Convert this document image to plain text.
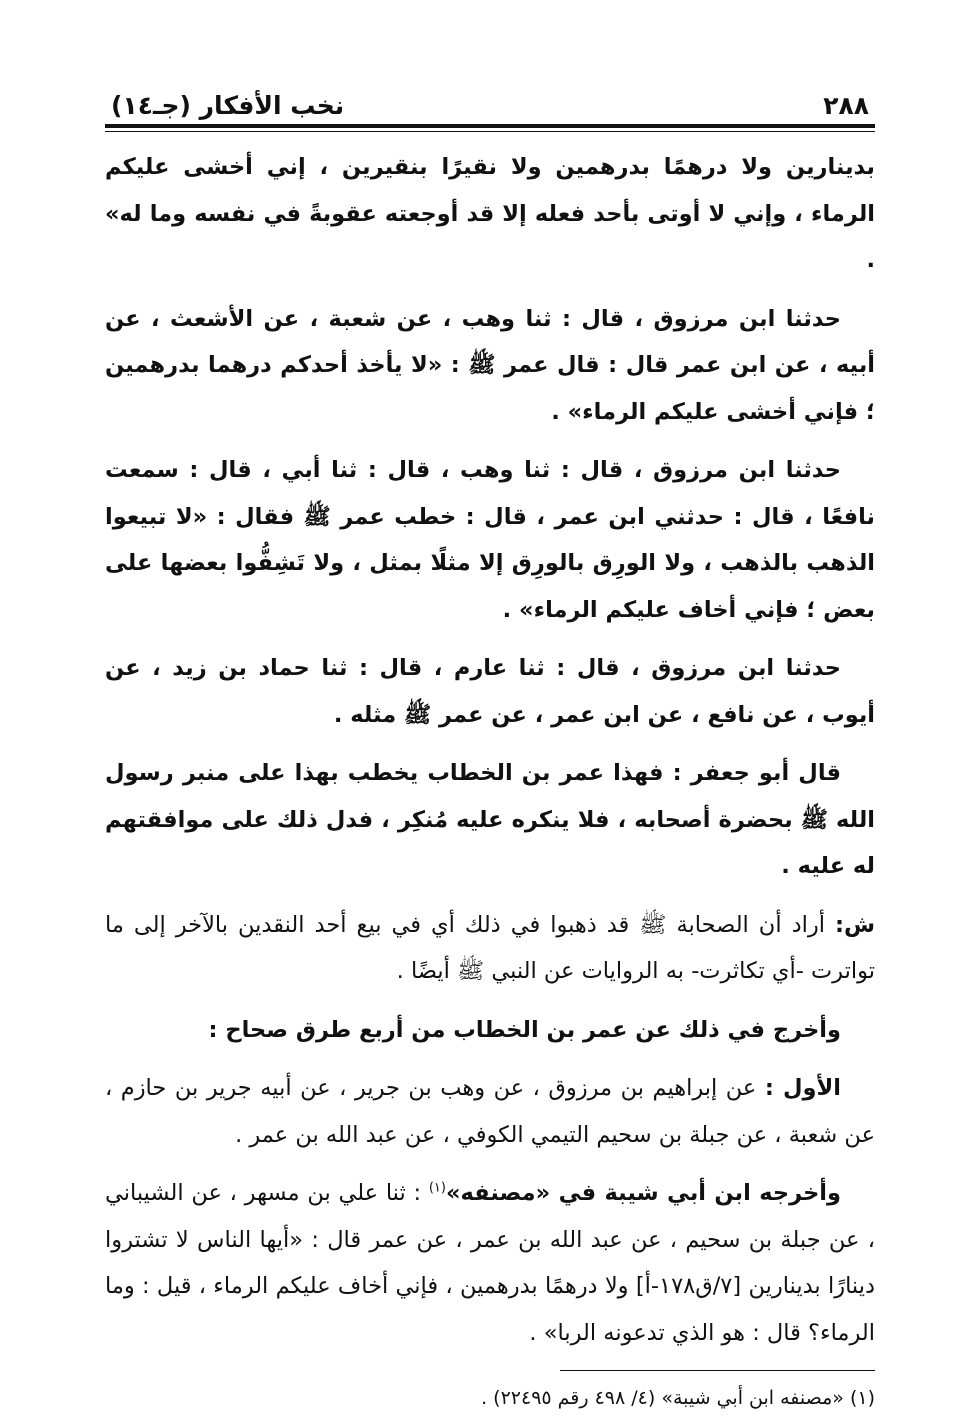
٢٨٨
نخب الأفكار (جـ١٤)

بدينارين ولا درهمًا بدرهمين ولا نقيرًا بنقيرين ، إني أخشى عليكم الرماء ، وإني لا أوتى بأحد فعله إلا قد أوجعته عقوبةً في نفسه وما له» .

حدثنا ابن مرزوق ، قال : ثنا وهب ، عن شعبة ، عن الأشعث ، عن أبيه ، عن ابن عمر قال : قال عمر ﷺ : «لا يأخذ أحدكم درهما بدرهمين ؛ فإني أخشى عليكم الرماء» .

حدثنا ابن مرزوق ، قال : ثنا وهب ، قال : ثنا أبي ، قال : سمعت نافعًا ، قال : حدثني ابن عمر ، قال : خطب عمر ﷺ فقال : «لا تبيعوا الذهب بالذهب ، ولا الورِق بالورِق إلا مثلًا بمثل ، ولا تَشِفُّوا بعضها على بعض ؛ فإني أخاف عليكم الرماء» .

حدثنا ابن مرزوق ، قال : ثنا عارم ، قال : ثنا حماد بن زيد ، عن أيوب ، عن نافع ، عن ابن عمر ، عن عمر ﷺ مثله .

قال أبو جعفر : فهذا عمر بن الخطاب يخطب بهذا على منبر رسول الله ﷺ بحضرة أصحابه ، فلا ينكره عليه مُنكِر ، فدل ذلك على موافقتهم له عليه .

ش: أراد أن الصحابة ﷺ قد ذهبوا في ذلك أي في بيع أحد النقدين بالآخر إلى ما تواترت -أي تكاثرت- به الروايات عن النبي ﷺ أيضًا .

وأخرج في ذلك عن عمر بن الخطاب من أربع طرق صحاح :

الأول : عن إبراهيم بن مرزوق ، عن وهب بن جرير ، عن أبيه جرير بن حازم ، عن شعبة ، عن جبلة بن سحيم التيمي الكوفي ، عن عبد الله بن عمر .

وأخرجه ابن أبي شيبة في «مصنفه»$^{(١)}$ : ثنا علي بن مسهر ، عن الشيباني ، عن جبلة بن سحيم ، عن عبد الله بن عمر ، عن عمر قال : «أيها الناس لا تشتروا دينارًا بدينارين [٧/ق١٧٨-أ] ولا درهمًا بدرهمين ، فإني أخاف عليكم الرماء ، قيل : وما الرماء؟ قال : هو الذي تدعونه الربا» .

(١) «مصنفه ابن أبي شيبة» (٤/ ٤٩٨ رقم ٢٢٤٩٥) .
